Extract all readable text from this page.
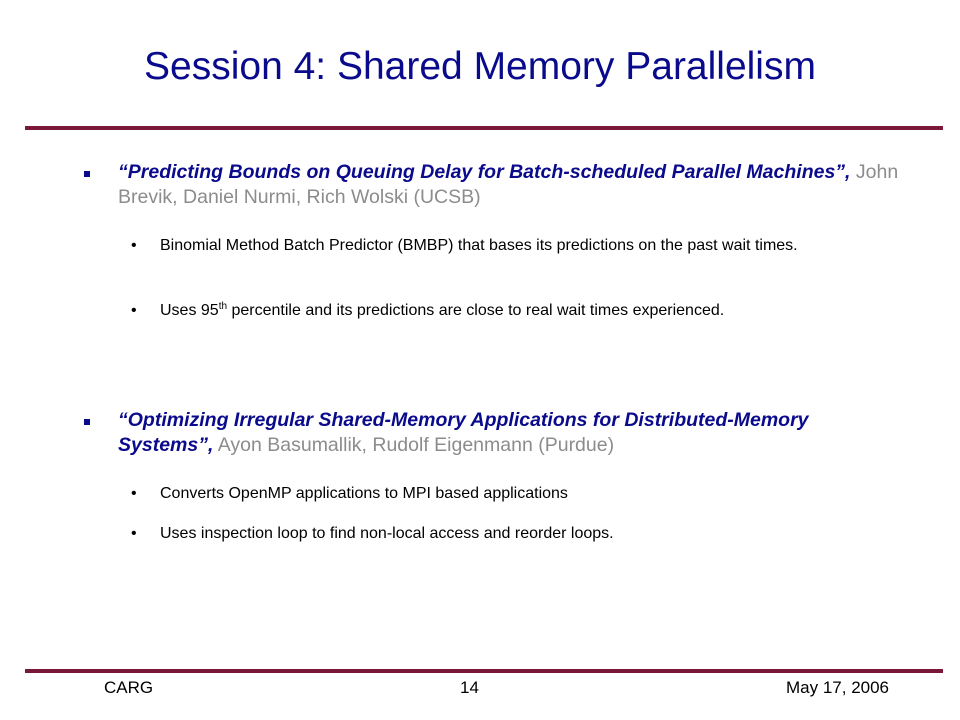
Session 4: Shared Memory Parallelism
“Predicting Bounds on Queuing Delay for Batch-scheduled Parallel Machines”, John Brevik, Daniel Nurmi, Rich Wolski (UCSB)
• Binomial Method Batch Predictor (BMBP) that bases its predictions on the past wait times.
• Uses 95th percentile and its predictions are close to real wait times experienced.
“Optimizing Irregular Shared-Memory Applications for Distributed-Memory Systems”, Ayon Basumallik, Rudolf Eigenmann (Purdue)
• Converts OpenMP applications to MPI based applications
• Uses inspection loop to find non-local access and reorder loops.
CARG	14	May 17, 2006
